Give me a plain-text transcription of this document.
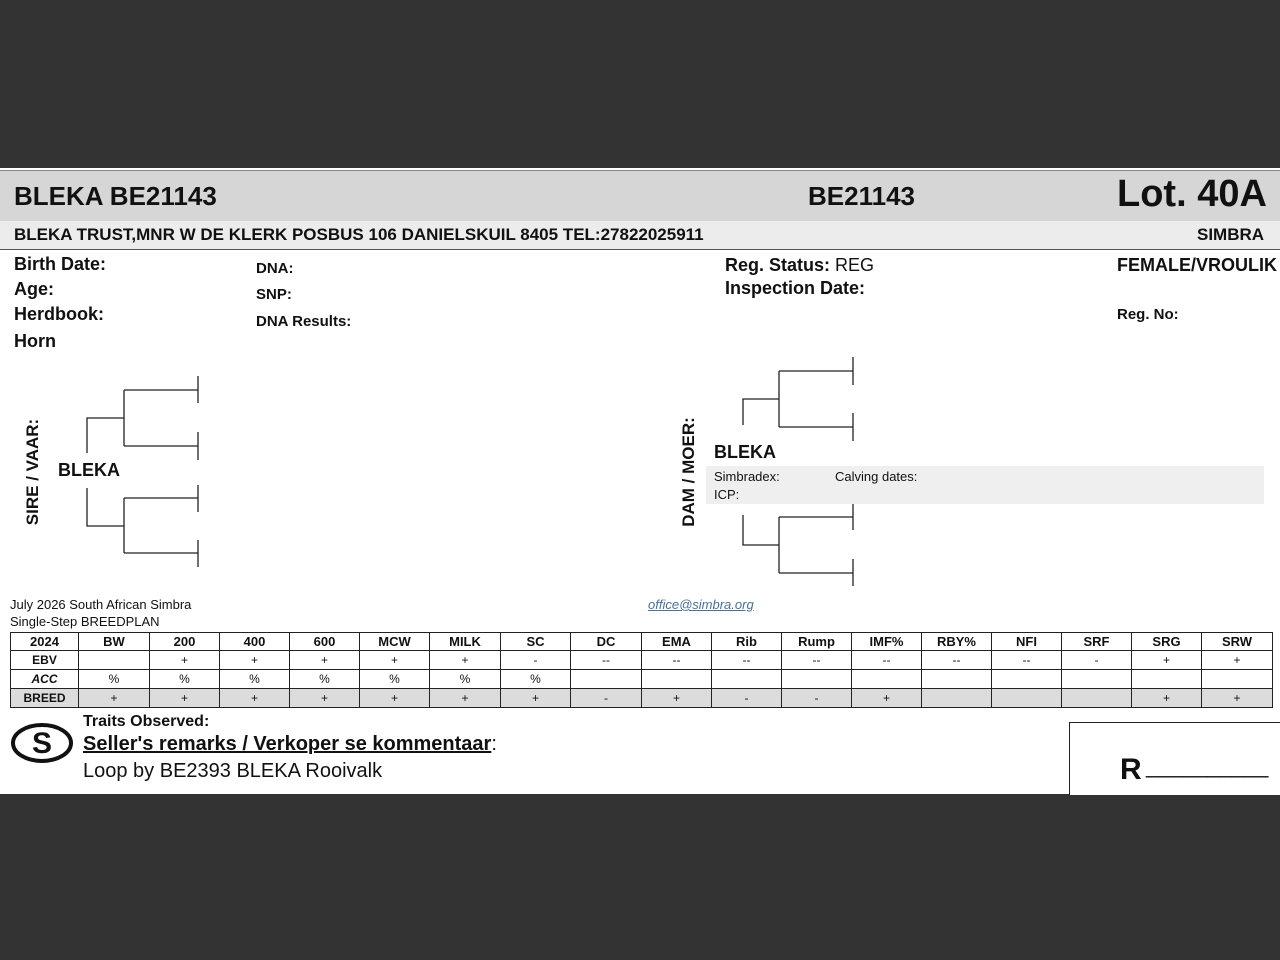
BLEKA BE21143	BE21143	Lot. 40A
BLEKA TRUST,MNR W DE KLERK POSBUS 106 DANIELSKUIL 8405 TEL:27822025911	SIMBRA
Birth Date:
Age:
Herdbook:
Horn
DNA:
SNP:
DNA Results:
Reg. Status: REG
Inspection Date:
FEMALE/VROULIK
Reg. No:
SIRE / VAAR: BLEKA	DAM / MOER: BLEKA
Simbradex:	Calving dates:
ICP:
July 2026 South African Simbra
Single-Step BREEDPLAN
office@simbra.org
2024	BW	200	400	600	MCW	MILK	SC	DC	EMA	Rib	Rump	IMF%	RBY%	NFI	SRF	SRG	SRW
EBV		+	+	+	+	+	-	--	--	--	--	--	--	--	-	+	+
ACC	%	%	%	%	%	%	%										
BREED	+	+	+	+	+	+	+	-	+	-	-	+				+	+
S
Traits Observed:
Seller's remarks / Verkoper se kommentaar:
Loop by BE2393 BLEKA Rooivalk	R __________
